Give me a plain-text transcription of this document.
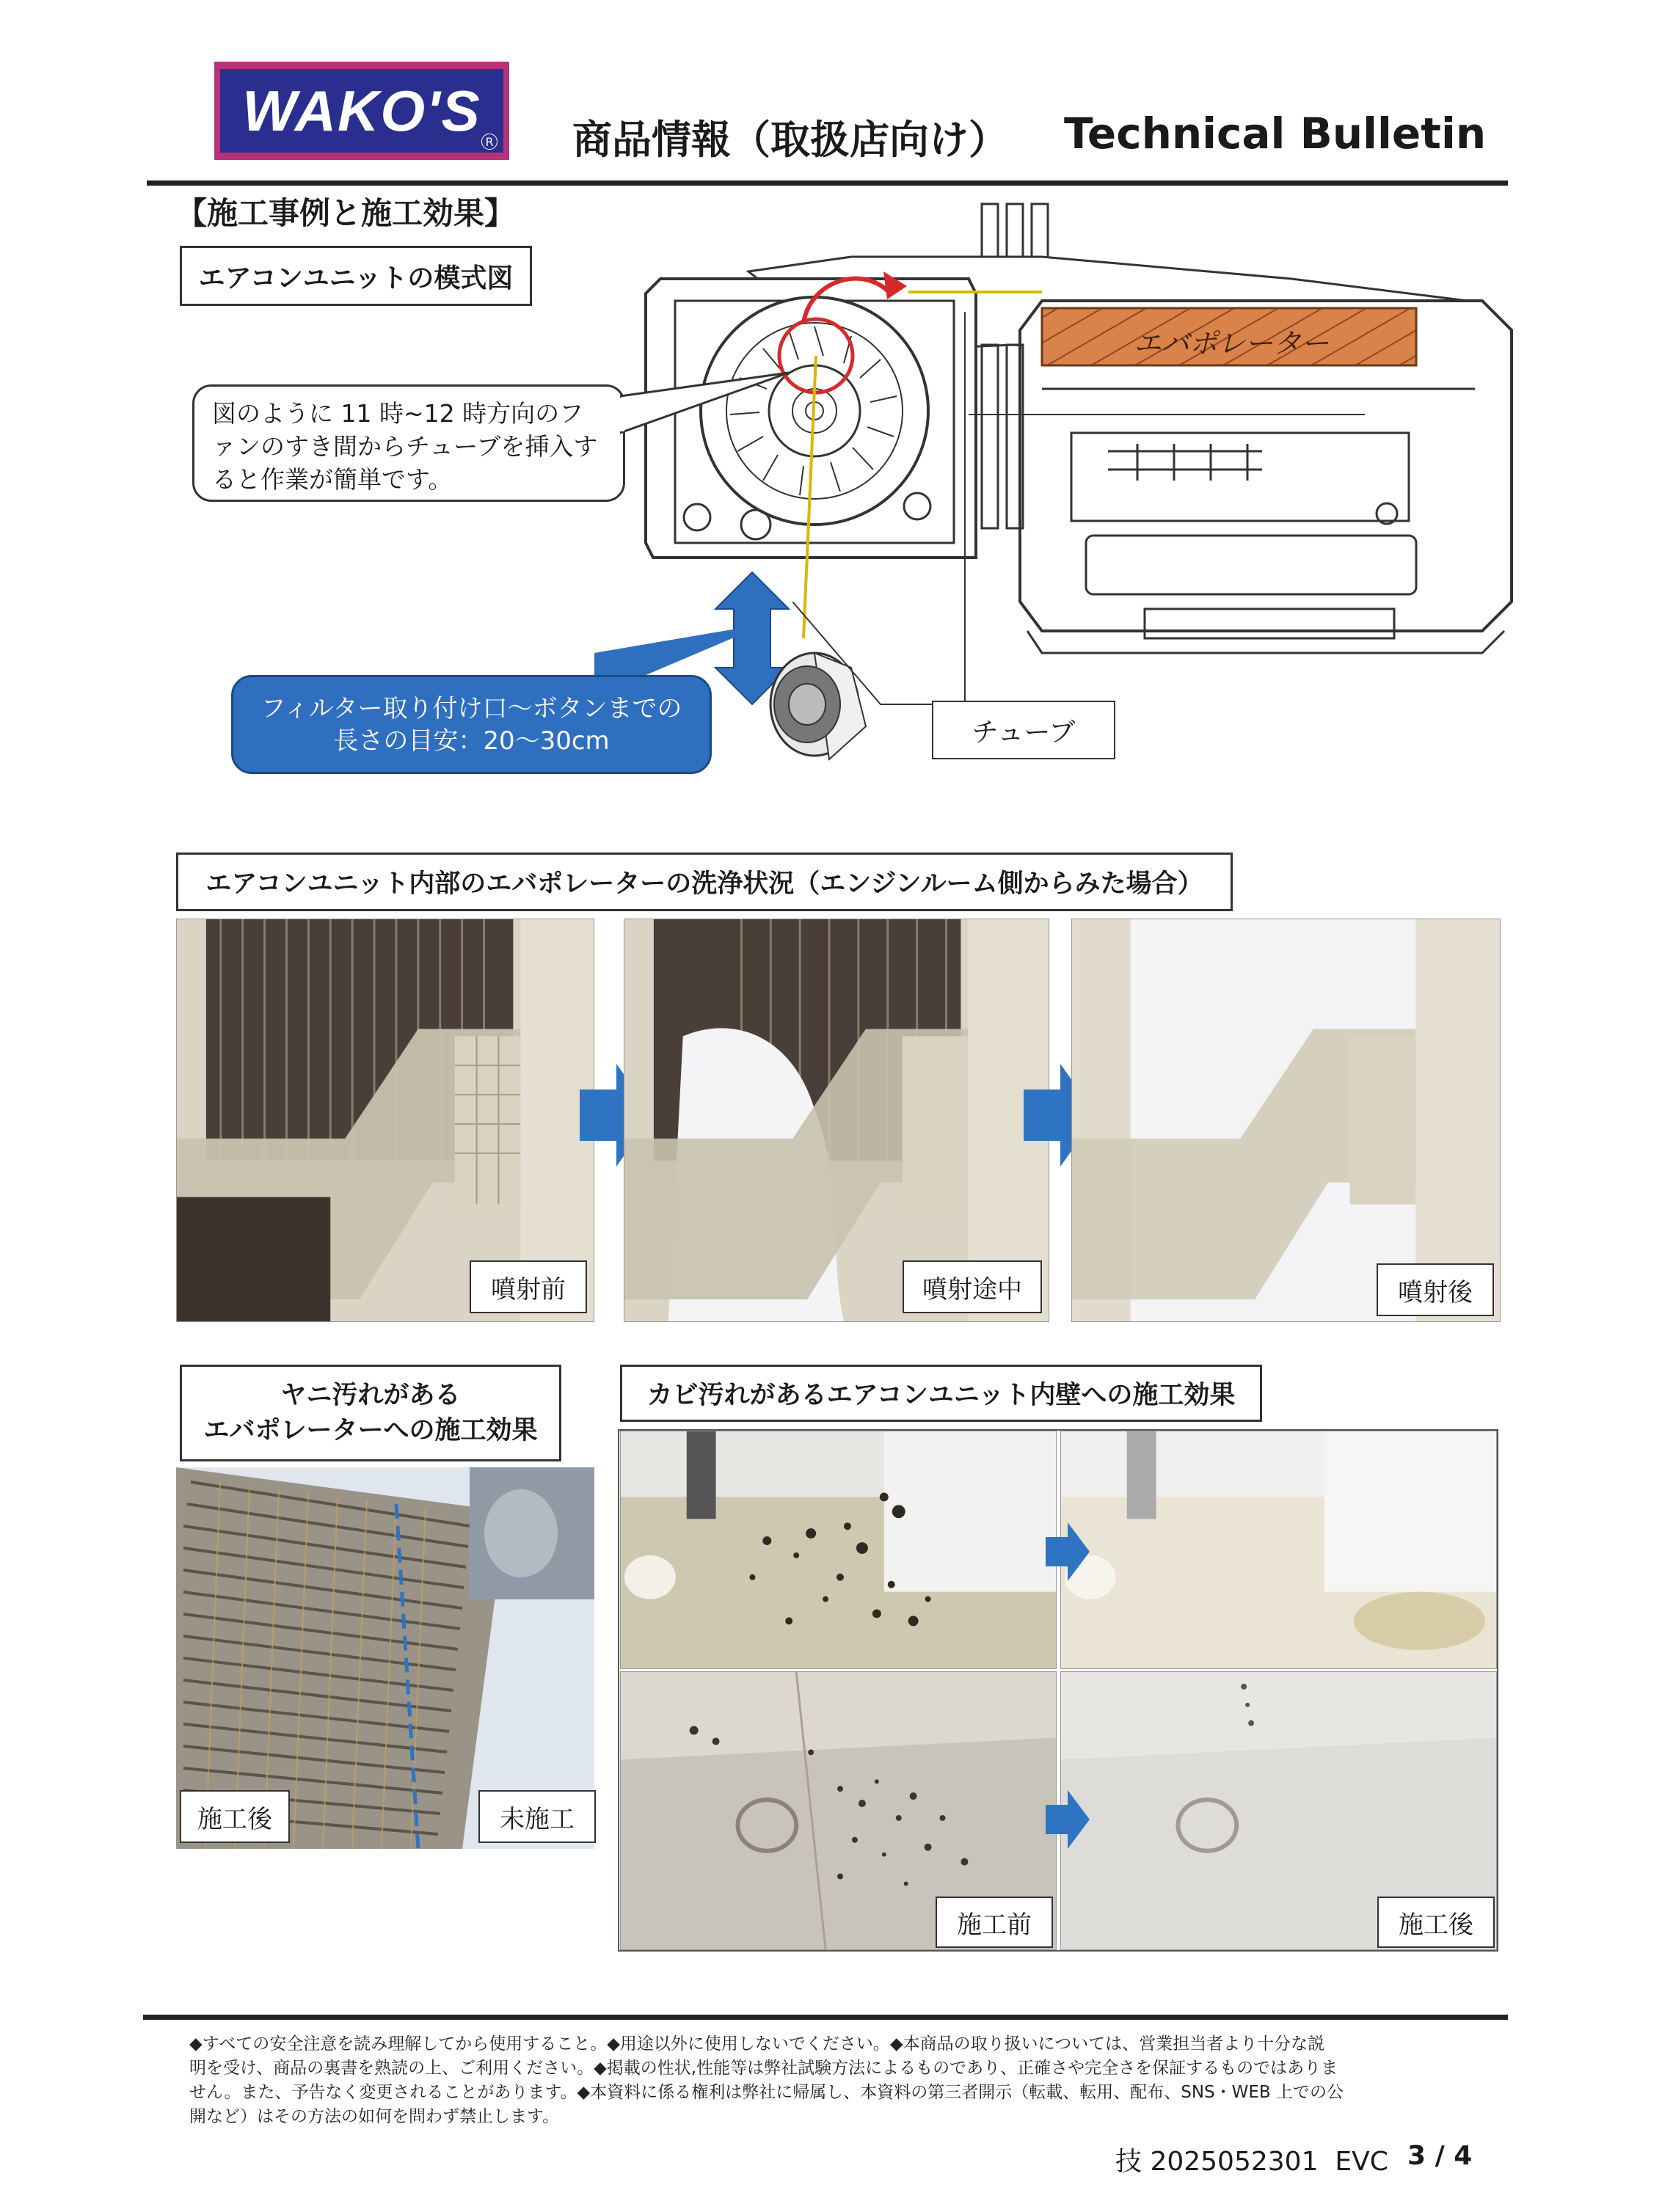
WAKO'S R 商品情報（取扱店向け） Technical Bulletin
【施工事例と施工効果】
エアコンユニットの模式図
エバポレーター
図のように 11 時~12 時方向のファンのすき間からチューブを挿入すると作業が簡単です。
フィルター取り付け口～ボタンまでの
長さの目安：20～30cm	チューブ
エアコンユニット内部のエバポレーターの洗浄状況（エンジンルーム側からみた場合）
噴射前	噴射途中	噴射後
ヤニ汚れがある
エバポレーターへの施工効果
施工後	未施工
カビ汚れがあるエアコンユニット内壁への施工効果
施工前	施工後
◆すべての安全注意を読み理解してから使用すること。◆用途以外に使用しないでください。◆本商品の取り扱いについては、営業担当者より十分な説
明を受け、商品の裏書を熟読の上、ご利用ください。◆掲載の性状,性能等は弊社試験方法によるものであり、正確さや完全さを保証するものではありま
せん。また、予告なく変更されることがあります。◆本資料に係る権利は弊社に帰属し、本資料の第三者開示（転載、転用、配布、SNS・WEB 上での公
開など）はその方法の如何を問わず禁止します。
技 2025052301  EVC 3 / 4
